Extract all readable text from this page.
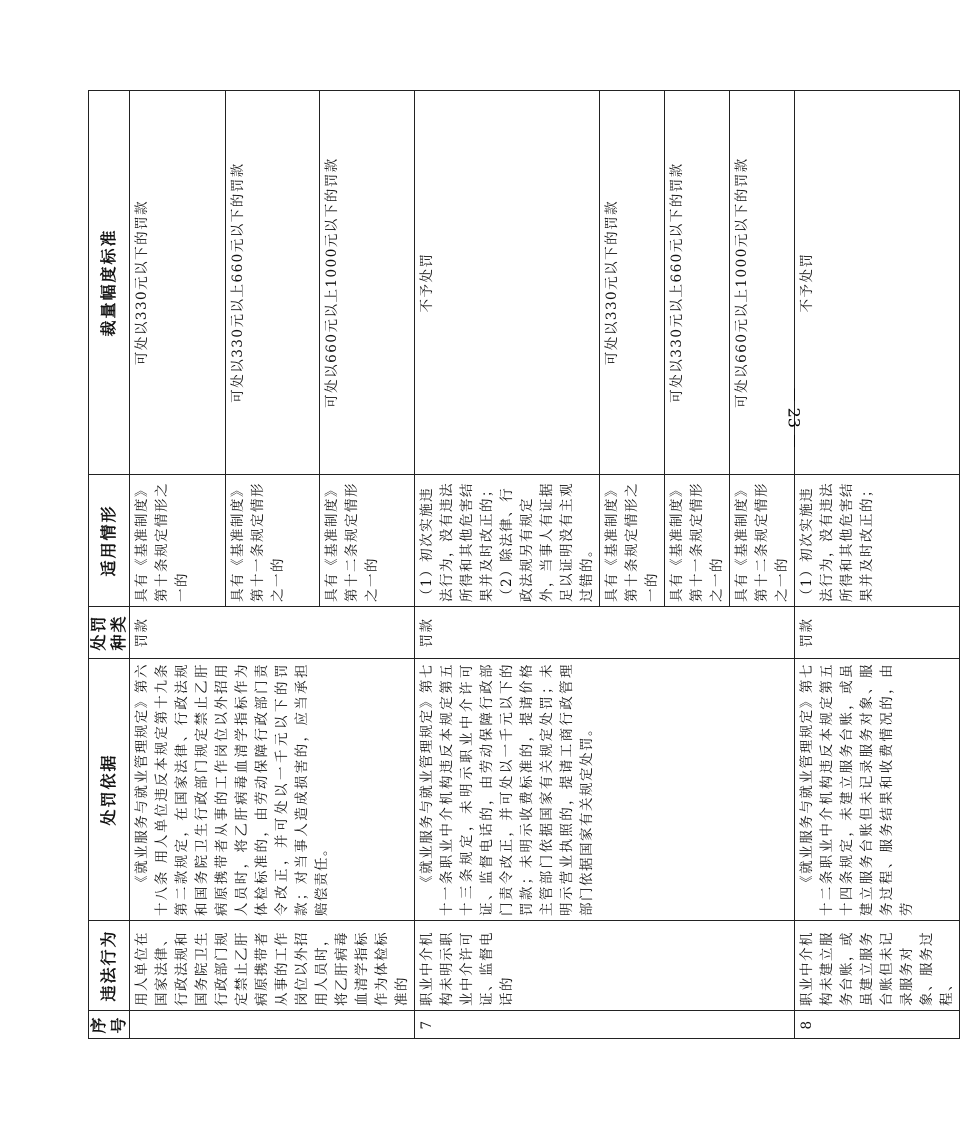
序号	违法行为	处罚依据	处罚种类	适用情形	裁量幅度标准
	用人单位在国家法律、行政法规和国务院卫生行政部门规定禁止乙肝病原携带者从事的工作岗位以外招用人员时，将乙肝病毒血清学指标作为体检标准的	《就业服务与就业管理规定》第六十八条 用人单位违反本规定第十九条第二款规定，在国家法律、行政法规和国务院卫生行政部门规定禁止乙肝病原携带者从事的工作岗位以外招用人员时，将乙肝病毒血清学指标作为体检标准的，由劳动保障行政部门责令改正，并可处以一千元以下的罚款；对当事人造成损害的，应当承担赔偿责任。	罚款	具有《基准制度》第十条规定情形之一的	可处以330元以下的罚款
				具有《基准制度》第十一条规定情形之一的	可处以330元以上660元以下的罚款
				具有《基准制度》第十二条规定情形之一的	可处以660元以上1000元以下的罚款
7	职业中介机构未明示职业中介许可证、监督电话的	《就业服务与就业管理规定》第七十一条职业中介机构违反本规定第五十三条规定，未明示职业中介许可证、监督电话的，由劳动保障行政部门责令改正，并可处以一千元以下的罚款；未明示收费标准的，提请价格主管部门依据国家有关规定处罚；未明示营业执照的，提请工商行政管理部门依据国家有关规定处罚。	罚款	（1）初次实施违法行为，没有违法所得和其他危害结果并及时改正的；（2）除法律、行政法规另有规定外，当事人有证据足以证明没有主观过错的。	不予处罚
				具有《基准制度》第十条规定情形之一的	可处以330元以下的罚款
				具有《基准制度》第十一条规定情形之一的	可处以330元以上660元以下的罚款
				具有《基准制度》第十二条规定情形之一的	可处以660元以上1000元以下的罚款
8	职业中介机构未建立服务台账，或虽建立服务台账但未记录服务对象、服务过程、	《就业服务与就业管理规定》第七十二条职业中介机构违反本规定第五十四条规定，未建立服务台账，或虽建立服务台账但未记录服务对象、服务过程、服务结果和收费情况的，由劳	罚款	（1）初次实施违法行为，没有违法所得和其他危害结果并及时改正的；	不予处罚
－ 23 －
